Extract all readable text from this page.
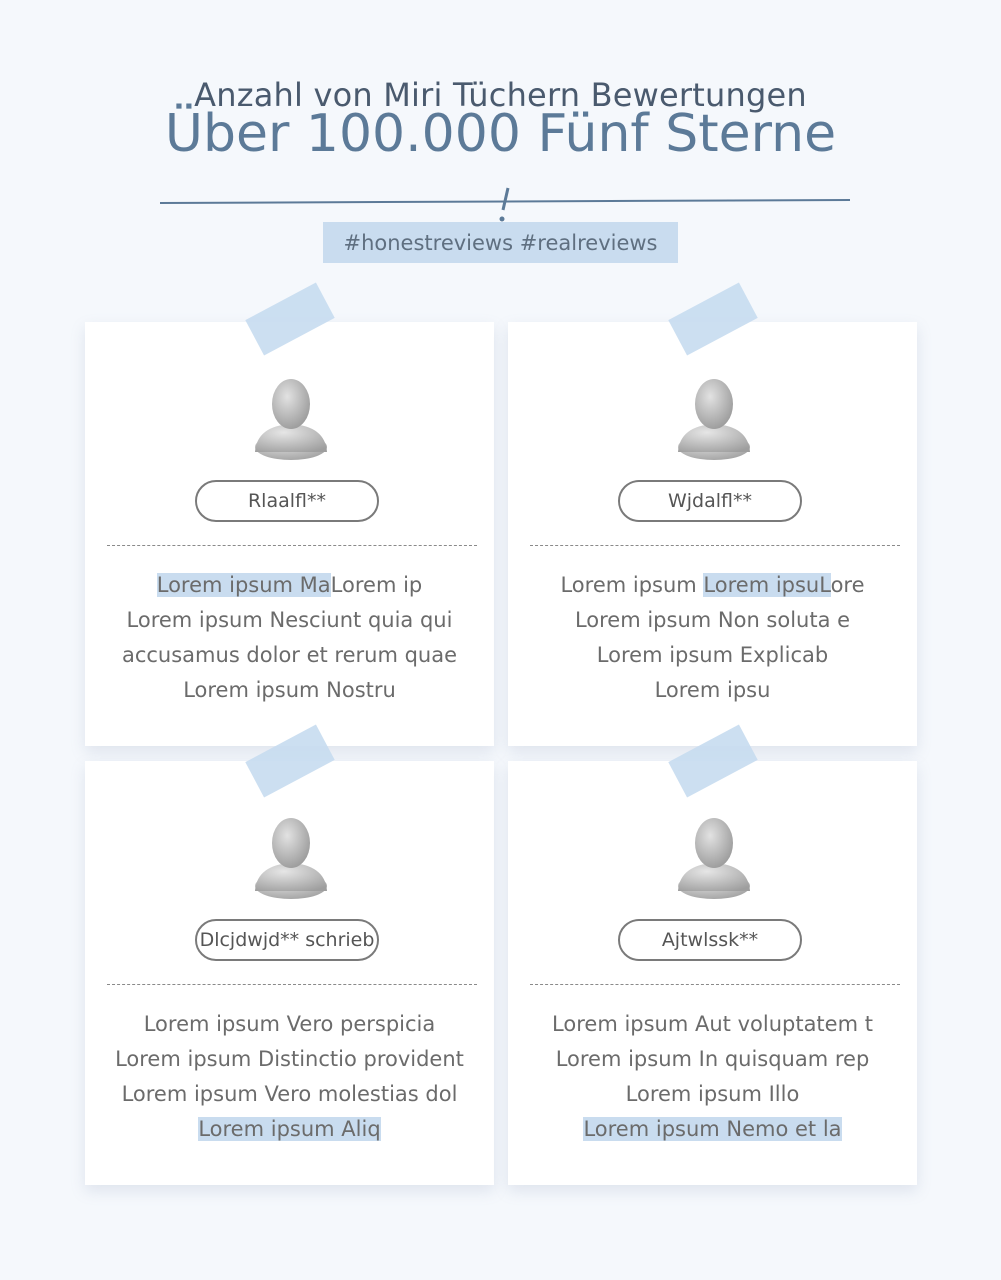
Anzahl von Miri Tüchern Bewertungen
Über 100.000 Fünf Sterne
#honestreviews #realreviews
Rlaalfl**
Lorem ipsum MaLorem ip
Lorem ipsum Nesciunt quia qui
accusamus dolor et rerum quae
Lorem ipsum Nostru
Wjdalfl**
Lorem ipsum Lorem ipsuLore
Lorem ipsum Non soluta e
Lorem ipsum Explicab
Lorem ipsu
Dlcjdwjd** schrieb
Lorem ipsum Vero perspicia
Lorem ipsum Distinctio provident
Lorem ipsum Vero molestias dol
Lorem ipsum Aliq
Ajtwlssk**
Lorem ipsum Aut voluptatem t
Lorem ipsum In quisquam rep
Lorem ipsum Illo
Lorem ipsum Nemo et la
